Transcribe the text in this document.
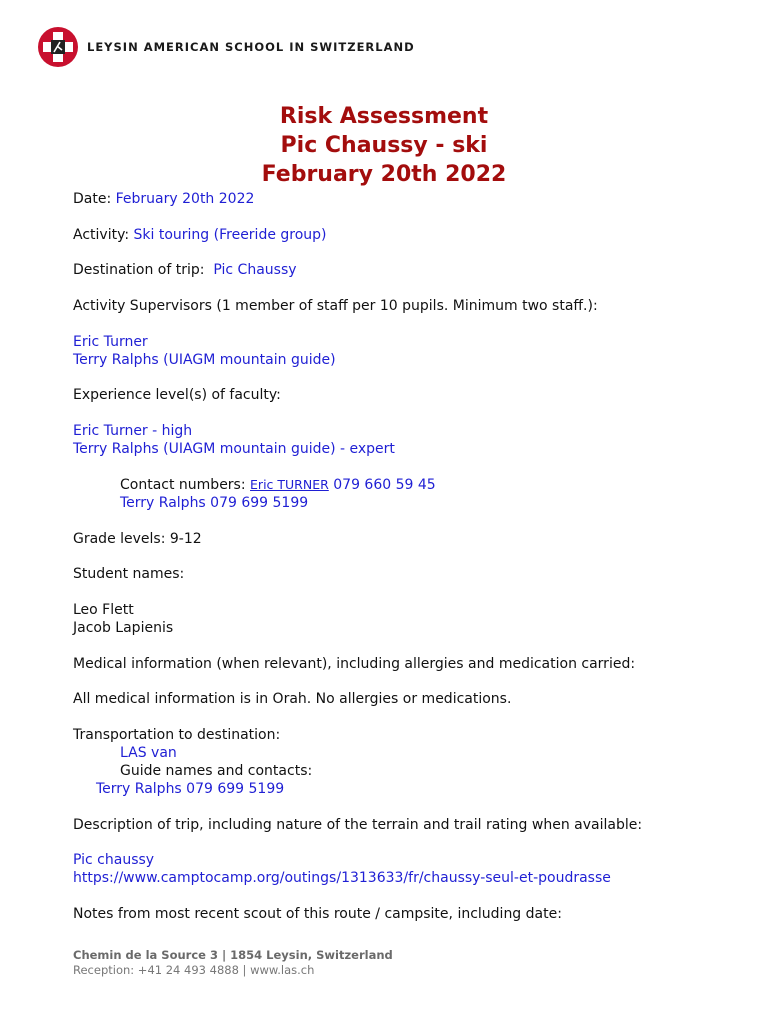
LEYSIN AMERICAN SCHOOL IN SWITZERLAND
Risk Assessment
Pic Chaussy - ski
February 20th 2022
Date: February 20th 2022
Activity: Ski touring (Freeride group)
Destination of trip: Pic Chaussy
Activity Supervisors (1 member of staff per 10 pupils. Minimum two staff.):
Eric Turner
Terry Ralphs (UIAGM mountain guide)
Experience level(s) of faculty:
Eric Turner - high
Terry Ralphs (UIAGM mountain guide) - expert
Contact numbers: Eric TURNER 079 660 59 45
Terry Ralphs 079 699 5199
Grade levels: 9-12
Student names:
Leo Flett
Jacob Lapienis
Medical information (when relevant), including allergies and medication carried:
All medical information is in Orah. No allergies or medications.
Transportation to destination:
LAS van
Guide names and contacts:
Terry Ralphs 079 699 5199
Description of trip, including nature of the terrain and trail rating when available:
Pic chaussy
https://www.camptocamp.org/outings/1313633/fr/chaussy-seul-et-poudrasse
Notes from most recent scout of this route / campsite, including date:
Chemin de la Source 3 | 1854 Leysin, Switzerland
Reception: +41 24 493 4888 | www.las.ch
